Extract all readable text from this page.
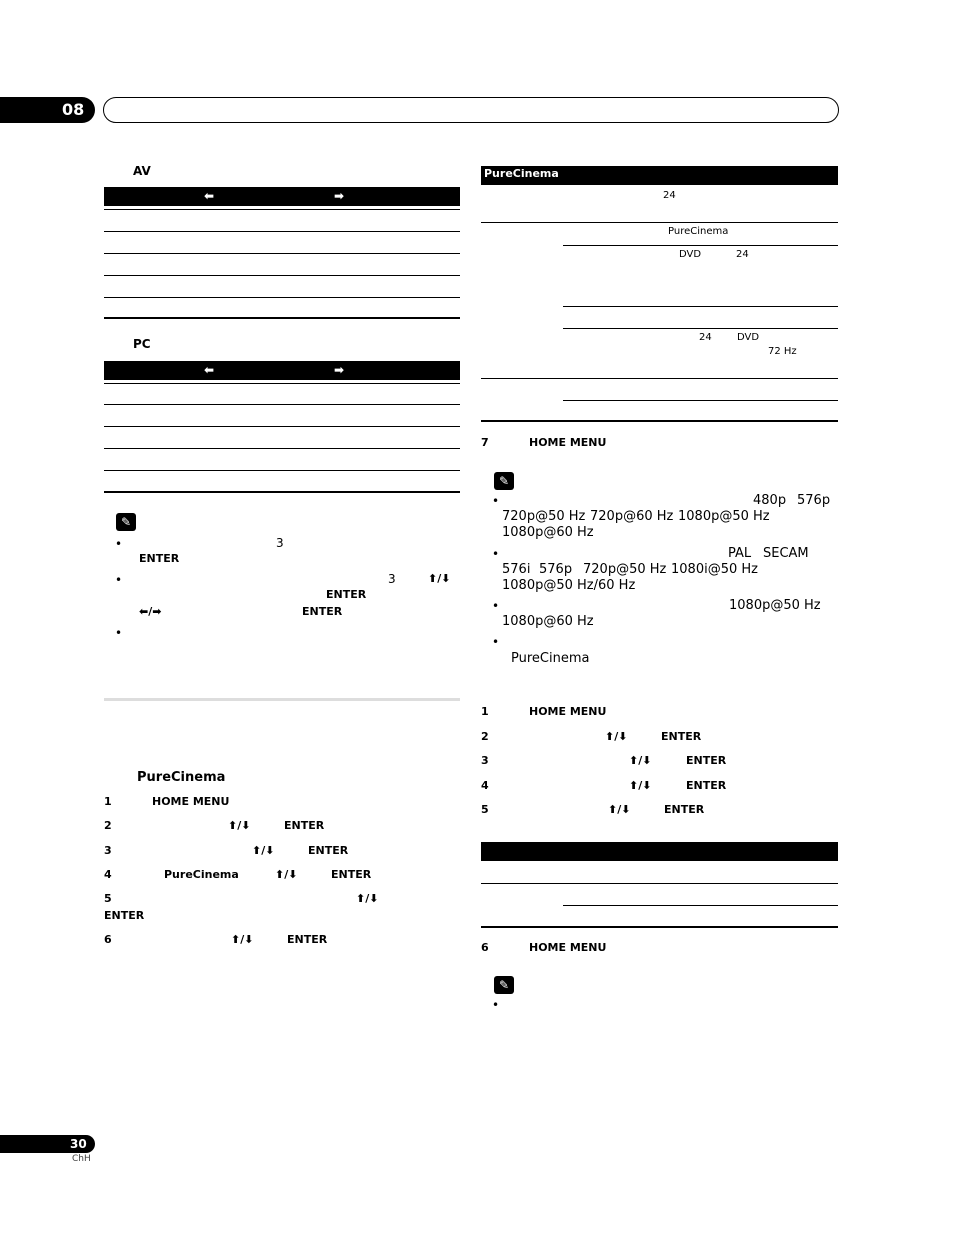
08
AV
⬅	➡
PC
⬅	➡
✎
•	3
ENTER
•	3	⬆/⬇
ENTER
⬅/➡	ENTER
•
PureCinema
1	HOME MENU
2	⬆/⬇	ENTER
3	⬆/⬇	ENTER
4	PureCinema	⬆/⬇	ENTER
5	⬆/⬇
ENTER
6	⬆/⬇	ENTER
PureCinema
24
PureCinema
DVD	24
24	DVD
72 Hz
7	HOME MENU
✎
•	480p 576p
720p@50 Hz 720p@60 Hz 1080p@50 Hz
1080p@60 Hz
•	PAL SECAM
576i 576p 720p@50 Hz 1080i@50 Hz
1080p@50 Hz/60 Hz
•	1080p@50 Hz
1080p@60 Hz
•
PureCinema
1	HOME MENU
2	⬆/⬇	ENTER
3	⬆/⬇	ENTER
4	⬆/⬇	ENTER
5	⬆/⬇	ENTER
6	HOME MENU
✎
•
30
ChH
